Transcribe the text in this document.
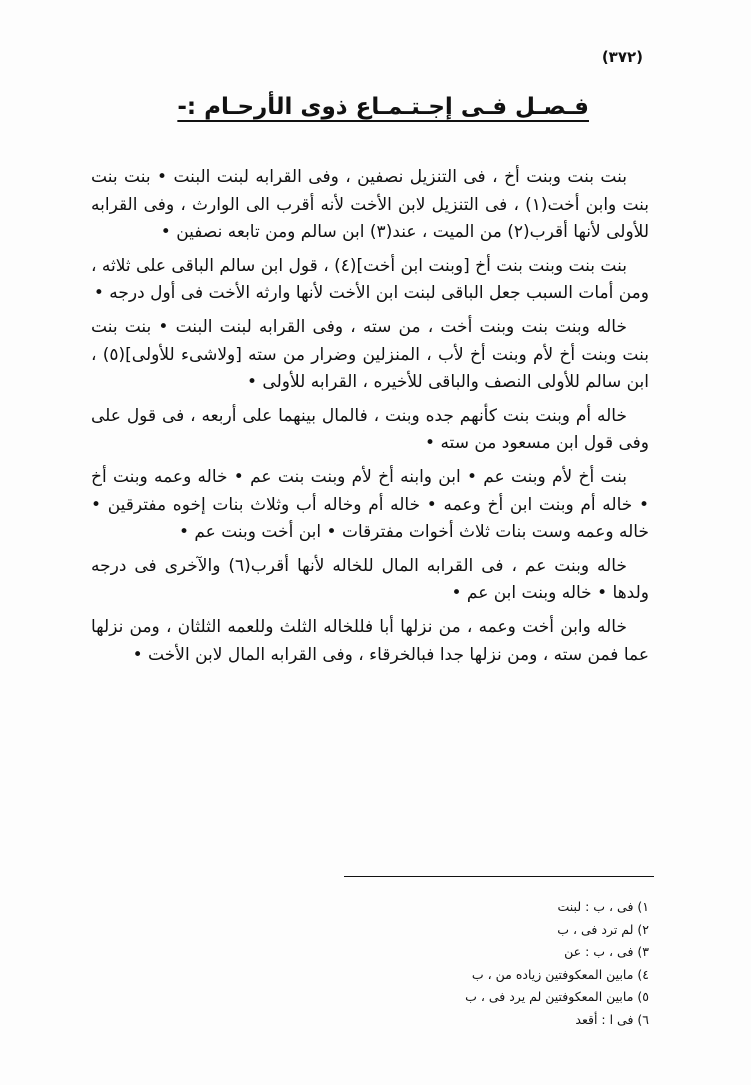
(٣٧٢)
فـصـل فـى إجـتـمـاع ذوى الأرحـام :-

بنت بنت وبنت أخ ، فى التنزيل نصفين ، وفى القرابه لبنت البنت • بنت بنت بنت وابن أخت(١) ، فى التنزيل لابن الأخت لأنه أقرب الى الوارث ، وفى القرابه للأولى لأنها أقرب(٢) من الميت ، عند(٣) ابن سالم ومن تابعه نصفين •

بنت بنت وبنت بنت أخ [وبنت ابن أخت](٤) ، قول ابن سالم الباقى على ثلاثه ، ومن أمات السبب جعل الباقى لبنت ابن الأخت لأنها وارثه الأخت فى أول درجه •

خاله وبنت بنت وبنت أخت ، من سته ، وفى القرابه لبنت البنت • بنت بنت بنت وبنت أخ لأم وبنت أخ لأب ، المنزلين وضرار من سته [ولاشىء للأولى](٥) ، ابن سالم للأولى النصف والباقى للأخيره ، القرابه للأولى •

خاله أم وبنت بنت كأنهم جده وبنت ، فالمال بينهما على أربعه ، فى قول على وفى قول ابن مسعود من سته •

بنت أخ لأم وبنت عم • ابن وابنه أخ لأم وبنت بنت عم • خاله وعمه وبنت أخ • خاله أم وبنت ابن أخ وعمه • خاله أم وخاله أب وثلاث بنات إخوه مفترقين • خاله وعمه وست بنات ثلاث أخوات مفترقات • ابن أخت وبنت عم •

خاله وبنت عم ، فى القرابه المال للخاله لأنها أقرب(٦) والآخرى فى درجه ولدها • خاله وبنت ابن عم •

خاله وابن أخت وعمه ، من نزلها أبا فللخاله الثلث وللعمه الثلثان ، ومن نزلها عما فمن سته ، ومن نزلها جدا فبالخرقاء ، وفى القرابه المال لابن الأخت •

١) فى ، ب : لبنت
٢) لم ترد فى ، ب
٣) فى ، ب : عن
٤) مابين المعكوفتين زياده من ، ب
٥) مابين المعكوفتين لم يرد فى ، ب
٦) فى ا : أقعد
